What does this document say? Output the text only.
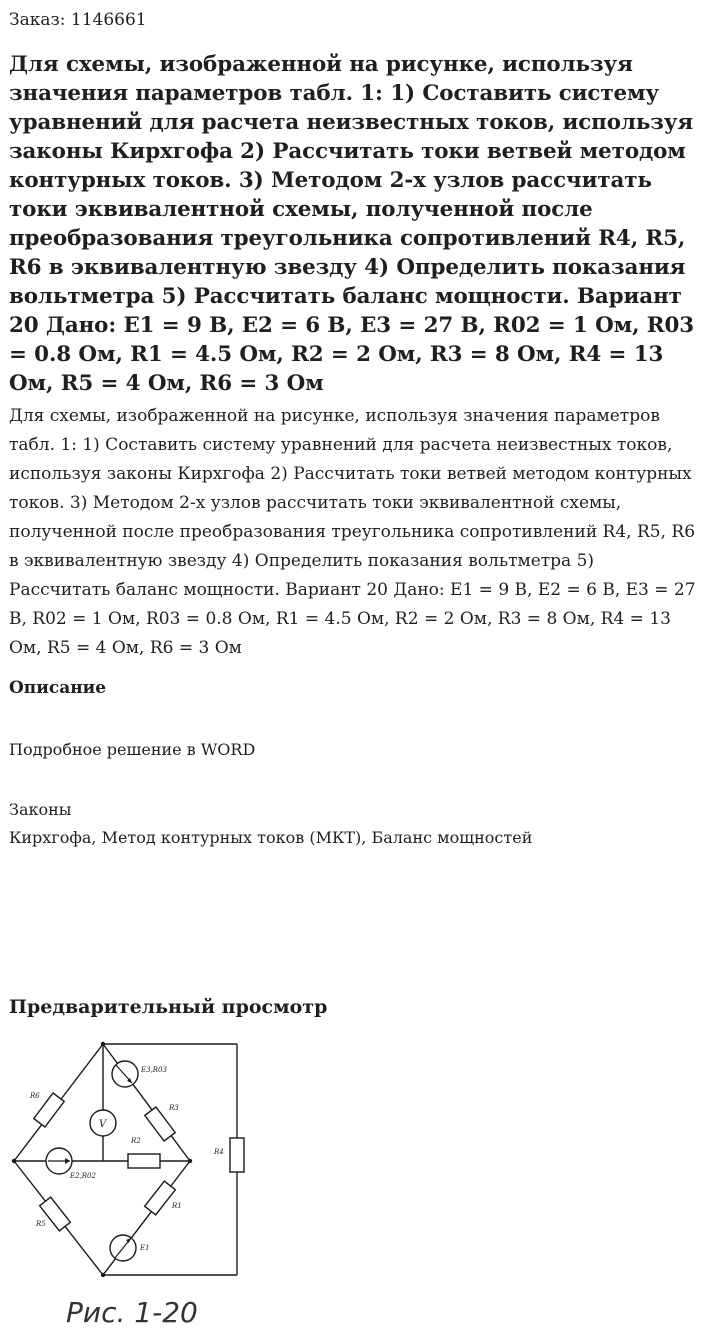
Заказ: 1146661

Для схемы, изображенной на рисунке, используя значения параметров табл. 1: 1) Составить систему уравнений для расчета неизвестных токов, используя законы Кирхгофа 2) Рассчитать токи ветвей методом контурных токов. 3) Методом 2-х узлов рассчитать токи эквивалентной схемы, полученной после преобразования треугольника сопротивлений R4, R5, R6 в эквивалентную звезду 4) Определить показания вольтметра 5) Рассчитать баланс мощности. Вариант 20 Дано: E1 = 9 В, E2 = 6 В, E3 = 27 В, R02 = 1 Ом, R03 = 0.8 Ом, R1 = 4.5 Ом, R2 = 2 Ом, R3 = 8 Ом, R4 = 13 Ом, R5 = 4 Ом, R6 = 3 Ом

Для схемы, изображенной на рисунке, используя значения параметров табл. 1: 1) Составить систему уравнений для расчета неизвестных токов, используя законы Кирхгофа 2) Рассчитать токи ветвей методом контурных токов. 3) Методом 2-х узлов рассчитать токи эквивалентной схемы, полученной после преобразования треугольника сопротивлений R4, R5, R6 в эквивалентную звезду 4) Определить показания вольтметра 5) Рассчитать баланс мощности. Вариант 20 Дано: E1 = 9 В, E2 = 6 В, E3 = 27 В, R02 = 1 Ом, R03 = 0.8 Ом, R1 = 4.5 Ом, R2 = 2 Ом, R3 = 8 Ом, R4 = 13 Ом, R5 = 4 Ом, R6 = 3 Ом

Описание

Подробное решение в WORD

Законы
Кирхгофа, Метод контурных токов (МКТ), Баланс мощностей
Предварительный просмотр
V
E3,R03
R3
R6
R2
E2,R02
R4
R1
R5
E1
Рис. 1-20
